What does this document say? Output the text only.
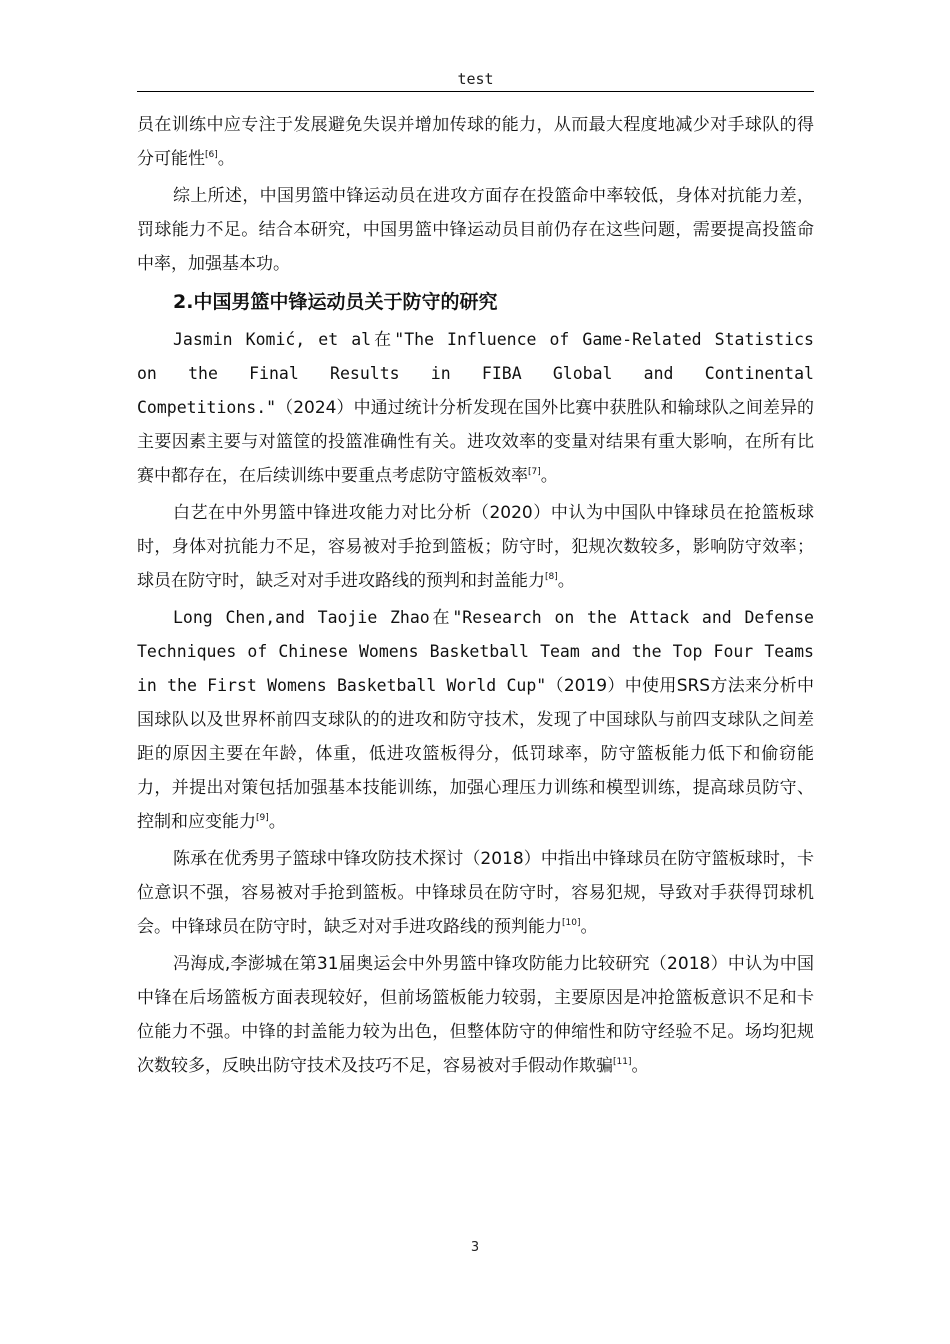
test

员在训练中应专注于发展避免失误并增加传球的能力，从而最大程度地减少对手球队的得分可能性[6]。

综上所述，中国男篮中锋运动员在进攻方面存在投篮命中率较低，身体对抗能力差，罚球能力不足。结合本研究，中国男篮中锋运动员目前仍存在这些问题，需要提高投篮命中率，加强基本功。

2.中国男篮中锋运动员关于防守的研究

Jasmin Komić, et al在"The Influence of Game-Related Statistics on the Final Results in FIBA Global and Continental Competitions."（2024）中通过统计分析发现在国外比赛中获胜队和输球队之间差异的主要因素主要与对篮筐的投篮准确性有关。进攻效率的变量对结果有重大影响，在所有比赛中都存在，在后续训练中要重点考虑防守篮板效率[7]。

白艺在中外男篮中锋进攻能力对比分析（2020）中认为中国队中锋球员在抢篮板球时，身体对抗能力不足，容易被对手抢到篮板；防守时，犯规次数较多，影响防守效率；球员在防守时，缺乏对对手进攻路线的预判和封盖能力[8]。

Long Chen,and Taojie Zhao在"Research on the Attack and Defense Techniques of Chinese Womens Basketball Team and the Top Four Teams in the First Womens Basketball World Cup"（2019）中使用SRS方法来分析中国球队以及世界杯前四支球队的的进攻和防守技术，发现了中国球队与前四支球队之间差距的原因主要在年龄，体重，低进攻篮板得分，低罚球率，防守篮板能力低下和偷窃能力，并提出对策包括加强基本技能训练，加强心理压力训练和模型训练，提高球员防守、控制和应变能力[9]。

陈承在优秀男子篮球中锋攻防技术探讨（2018）中指出中锋球员在防守篮板球时，卡位意识不强，容易被对手抢到篮板。中锋球员在防守时，容易犯规，导致对手获得罚球机会。中锋球员在防守时，缺乏对对手进攻路线的预判能力[10]。

冯海成,李澎城在第31届奥运会中外男篮中锋攻防能力比较研究（2018）中认为中国中锋在后场篮板方面表现较好，但前场篮板能力较弱，主要原因是冲抢篮板意识不足和卡位能力不强。中锋的封盖能力较为出色，但整体防守的伸缩性和防守经验不足。场均犯规次数较多，反映出防守技术及技巧不足，容易被对手假动作欺骗[11]。

3
